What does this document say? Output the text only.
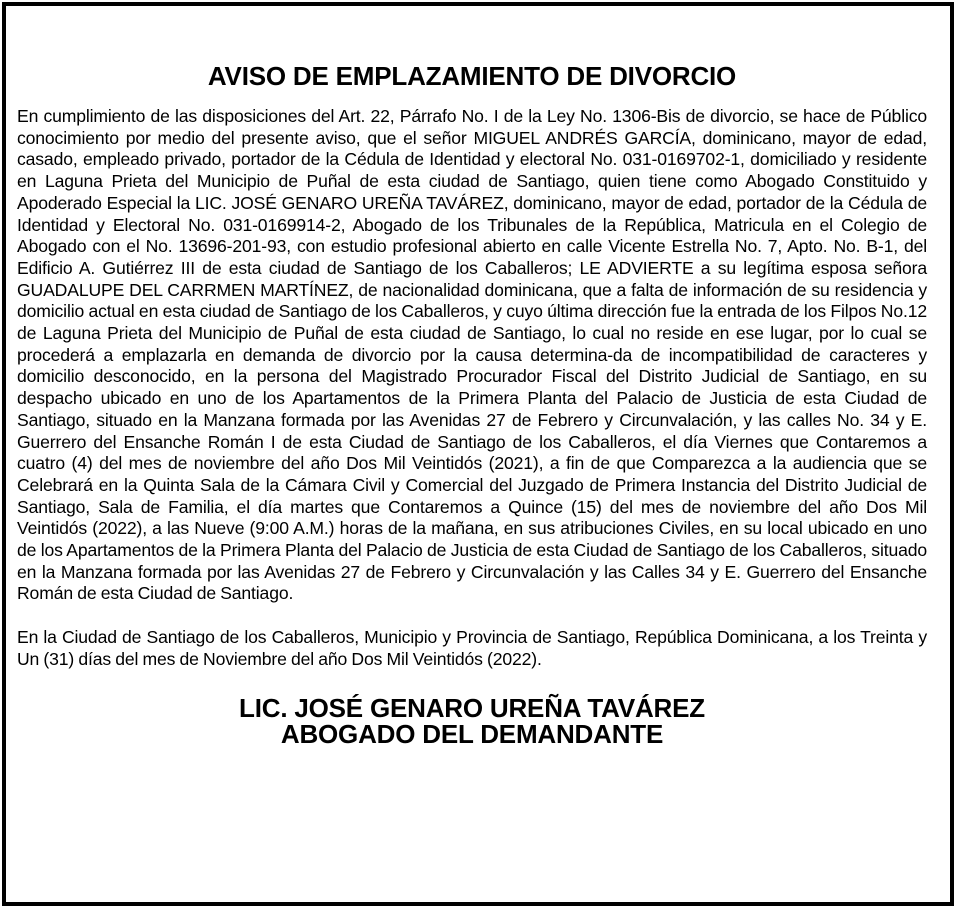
AVISO DE EMPLAZAMIENTO DE DIVORCIO

En cumplimiento de las disposiciones del Art. 22, Párrafo No. I de la Ley No. 1306-Bis de divorcio, se hace de Público conocimiento por medio del presente aviso, que el señor MIGUEL ANDRÉS GARCÍA, dominicano, mayor de edad, casado, empleado privado, portador de la Cédula de Identidad y electoral No. 031-0169702-1, domiciliado y residente en Laguna Prieta del Municipio de Puñal de esta ciudad de Santiago, quien tiene como Abogado Constituido y Apoderado Especial la LIC. JOSÉ GENARO UREÑA TAVÁREZ, dominicano, mayor de edad, portador de la Cédula de Identidad y Electoral No. 031-0169914-2, Abogado de los Tribunales de la República, Matricula en el Colegio de Abogado con el No. 13696-201-93, con estudio profesional abierto en calle Vicente Estrella No. 7, Apto. No. B-1, del Edificio A. Gutiérrez III de esta ciudad de Santiago de los Caballeros; LE ADVIERTE a su legítima esposa señora GUADALUPE DEL CARRMEN MARTÍNEZ, de nacionalidad dominicana, que a falta de información de su residencia y domicilio actual en esta ciudad de Santiago de los Caballeros, y cuyo última dirección fue la entrada de los Filpos No.12 de Laguna Prieta del Municipio de Puñal de esta ciudad de Santiago, lo cual no reside en ese lugar, por lo cual se procederá a emplazarla en demanda de divorcio por la causa determina-da de incompatibilidad de caracteres y domicilio desconocido, en la persona del Magistrado Procurador Fiscal del Distrito Judicial de Santiago, en su despacho ubicado en uno de los Apartamentos de la Primera Planta del Palacio de Justicia de esta Ciudad de Santiago, situado en la Manzana formada por las Avenidas 27 de Febrero y Circunvalación, y las calles No. 34 y E. Guerrero del Ensanche Román I de esta Ciudad de Santiago de los Caballeros, el día Viernes que Contaremos a cuatro (4) del mes de noviembre del año Dos Mil Veintidós (2021), a fin de que Comparezca a la audiencia que se Celebrará en la Quinta Sala de la Cámara Civil y Comercial del Juzgado de Primera Instancia del Distrito Judicial de Santiago, Sala de Familia, el día martes que Contaremos a Quince (15) del mes de noviembre del año Dos Mil Veintidós (2022), a las Nueve (9:00 A.M.) horas de la mañana, en sus atribuciones Civiles, en su local ubicado en uno de los Apartamentos de la Primera Planta del Palacio de Justicia de esta Ciudad de Santiago de los Caballeros, situado en la Manzana formada por las Avenidas 27 de Febrero y Circunvalación y las Calles 34 y E. Guerrero del Ensanche Román de esta Ciudad de Santiago.

En la Ciudad de Santiago de los Caballeros, Municipio y Provincia de Santiago, República Dominicana, a los Treinta y Un (31) días del mes de Noviembre del año Dos Mil Veintidós (2022).

LIC. JOSÉ GENARO UREÑA TAVÁREZ
ABOGADO DEL DEMANDANTE
